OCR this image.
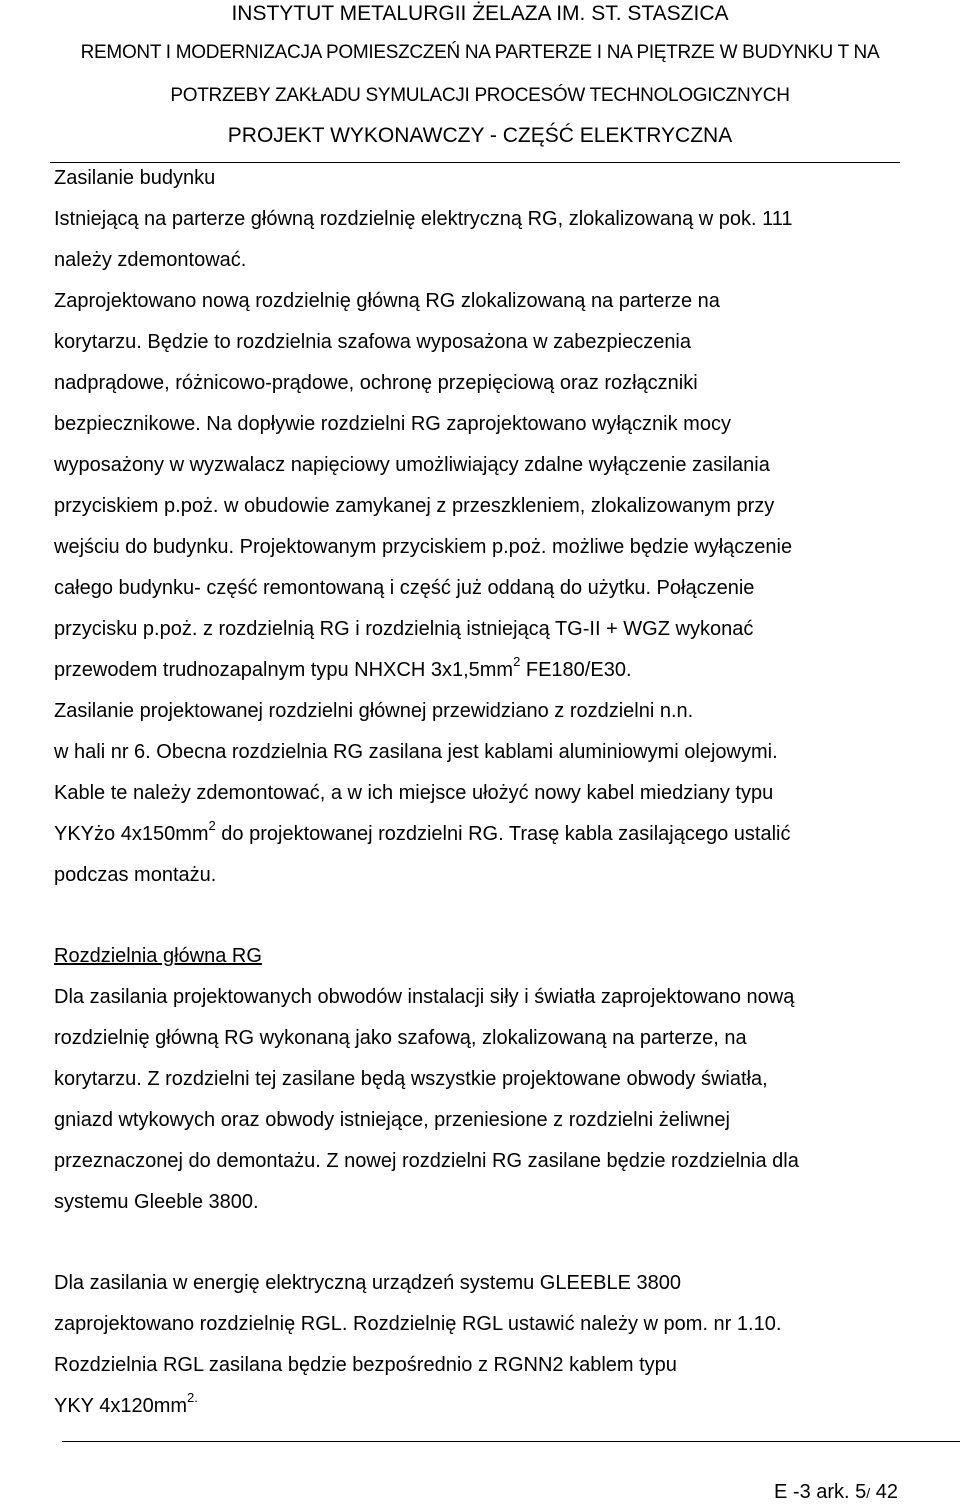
INSTYTUT METALURGII ŻELAZA IM. ST. STASZICA
REMONT I MODERNIZACJA POMIESZCZEŃ NA PARTERZE I NA PIĘTRZE W BUDYNKU T NA
POTRZEBY ZAKŁADU SYMULACJI PROCESÓW TECHNOLOGICZNYCH
PROJEKT WYKONAWCZY - CZĘŚĆ ELEKTRYCZNA
Zasilanie budynku
Istniejącą na parterze główną rozdzielnię elektryczną RG, zlokalizowaną w pok. 111
należy zdemontować.
Zaprojektowano nową rozdzielnię główną RG zlokalizowaną na parterze na
korytarzu. Będzie to rozdzielnia szafowa wyposażona w zabezpieczenia
nadprądowe, różnicowo-prądowe, ochronę przepięciową oraz rozłączniki
bezpiecznikowe. Na dopływie rozdzielni RG zaprojektowano wyłącznik mocy
wyposażony w wyzwalacz napięciowy umożliwiający zdalne wyłączenie zasilania
przyciskiem p.poż. w obudowie zamykanej z przeszkleniem, zlokalizowanym przy
wejściu do budynku. Projektowanym przyciskiem p.poż. możliwe będzie wyłączenie
całego budynku- część remontowaną i część już oddaną do użytku. Połączenie
przycisku p.poż. z rozdzielnią RG i rozdzielnią istniejącą TG-II + WGZ wykonać
przewodem trudnozapalnym typu NHXCH $3x1,5mm^2$ FE180/E30.
Zasilanie projektowanej rozdzielni głównej przewidziano z rozdzielni n.n.
w hali nr 6. Obecna rozdzielnia RG zasilana jest kablami aluminiowymi olejowymi.
Kable te należy zdemontować, a w ich miejsce ułożyć nowy kabel miedziany typu
YKYżo $4x150mm^2$ do projektowanej rozdzielni RG. Trasę kabla zasilającego ustalić
podczas montażu.
Rozdzielnia główna RG
Dla zasilania projektowanych obwodów instalacji siły i światła zaprojektowano nową
rozdzielnię główną RG wykonaną jako szafową, zlokalizowaną na parterze, na
korytarzu. Z rozdzielni tej zasilane będą wszystkie projektowane obwody światła,
gniazd wtykowych oraz obwody istniejące, przeniesione z rozdzielni żeliwnej
przeznaczonej do demontażu. Z nowej rozdzielni RG zasilane będzie rozdzielnia dla
systemu Gleeble 3800.
Dla zasilania w energię elektryczną urządzeń systemu GLEEBLE 3800
zaprojektowano rozdzielnię RGL. Rozdzielnię RGL ustawić należy w pom. nr 1.10.
Rozdzielnia RGL zasilana będzie bezpośrednio z RGNN2 kablem typu
YKY $4x120mm^{2.}$
E -3 ark. 5/ 42
